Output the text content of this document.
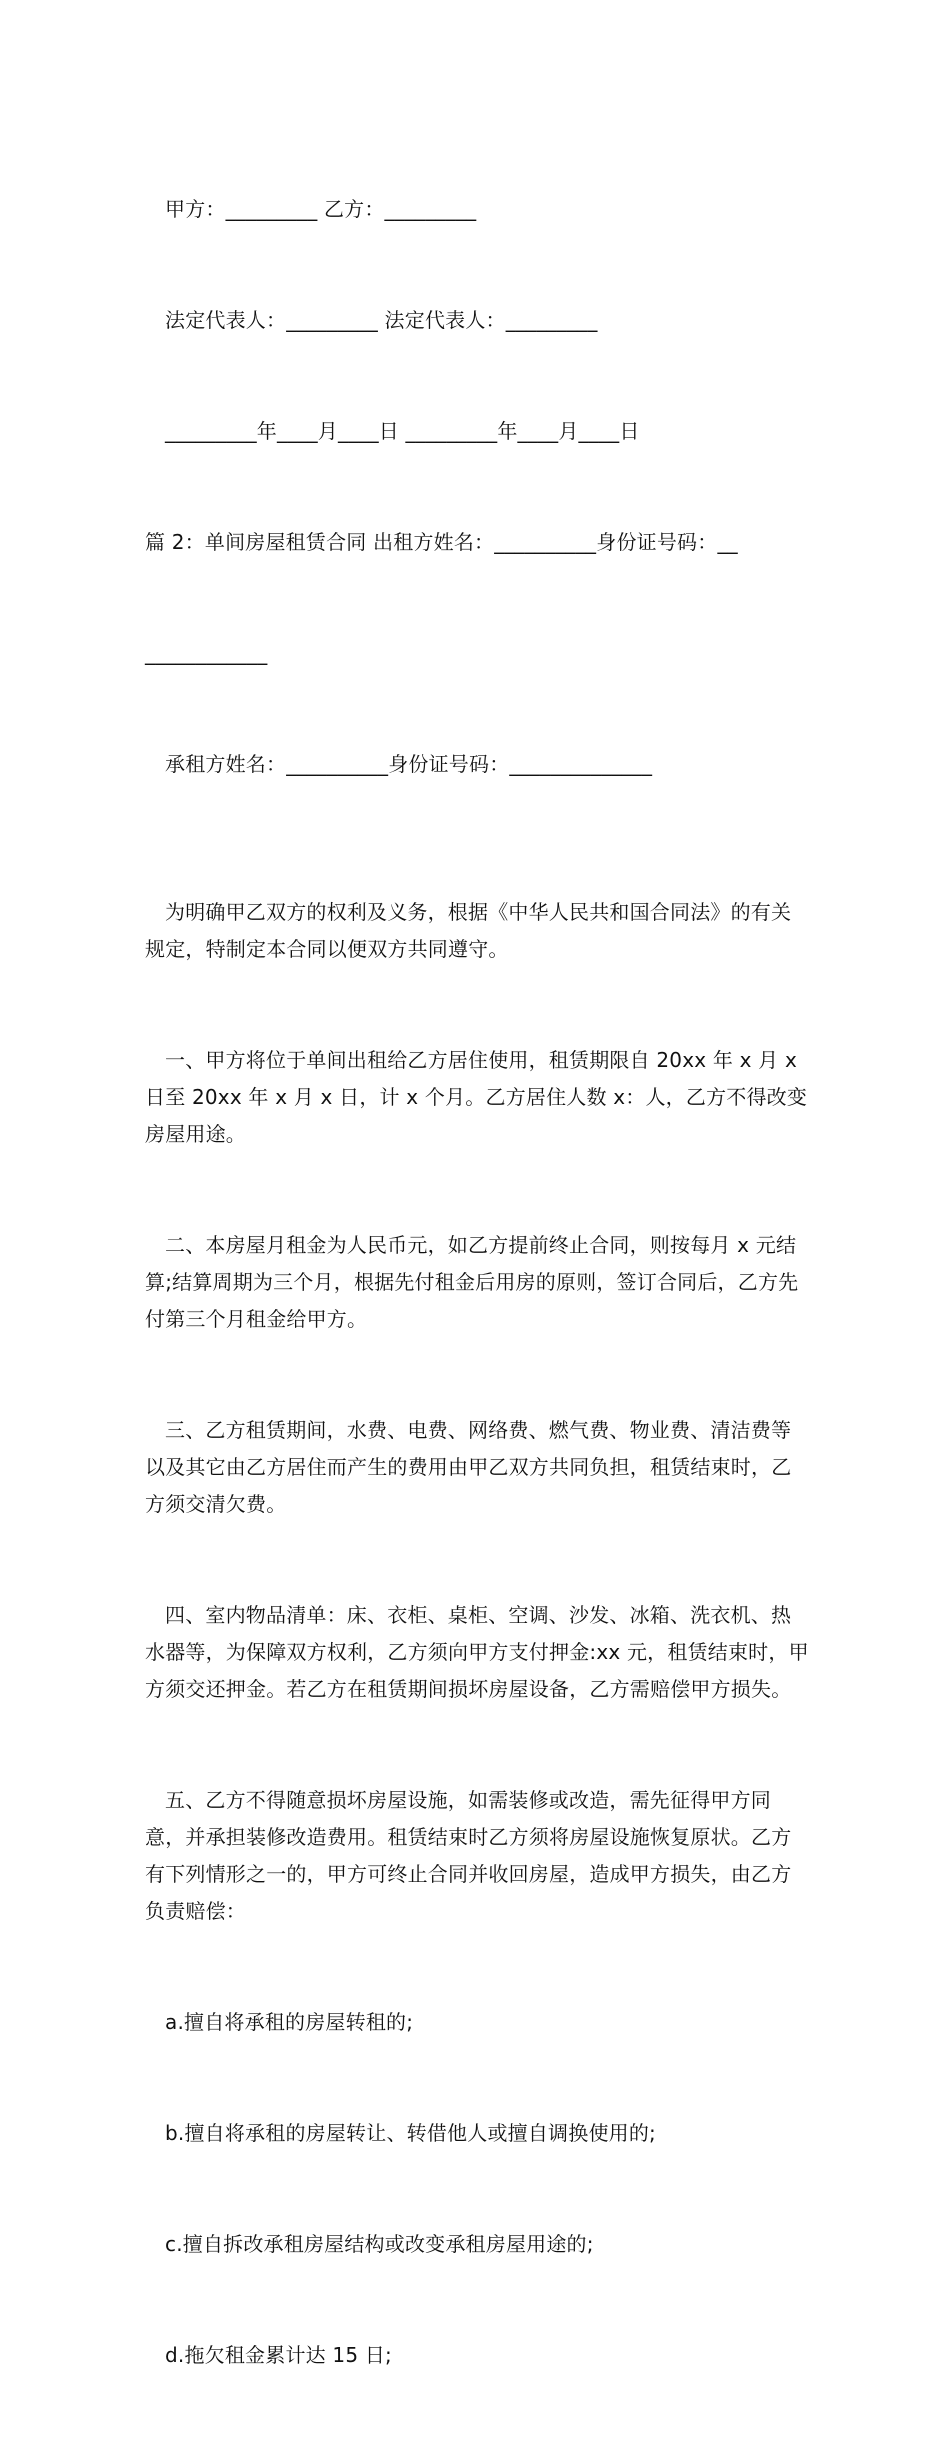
甲方：_________ 乙方：_________

法定代表人：_________ 法定代表人：_________

_________年____月____日 _________年____月____日

篇 2：单间房屋租赁合同 出租方姓名：__________身份证号码：__

____________

承租方姓名：__________身份证号码：______________

为明确甲乙双方的权利及义务，根据《中华人民共和国合同法》的有关规定，特制定本合同以便双方共同遵守。

一、甲方将位于单间出租给乙方居住使用，租赁期限自 20xx 年 x 月 x 日至 20xx 年 x 月 x 日，计 x 个月。乙方居住人数 x：人，乙方不得改变房屋用途。

二、本房屋月租金为人民币元，如乙方提前终止合同，则按每月 x 元结算;结算周期为三个月，根据先付租金后用房的原则，签订合同后，乙方先付第三个月租金给甲方。

三、乙方租赁期间，水费、电费、网络费、燃气费、物业费、清洁费等以及其它由乙方居住而产生的费用由甲乙双方共同负担，租赁结束时，乙方须交清欠费。

四、室内物品清单：床、衣柜、桌柜、空调、沙发、冰箱、洗衣机、热水器等，为保障双方权利，乙方须向甲方支付押金:xx 元，租赁结束时，甲方须交还押金。若乙方在租赁期间损坏房屋设备，乙方需赔偿甲方损失。

五、乙方不得随意损坏房屋设施，如需装修或改造，需先征得甲方同意，并承担装修改造费用。租赁结束时乙方须将房屋设施恢复原状。乙方有下列情形之一的，甲方可终止合同并收回房屋，造成甲方损失，由乙方负责赔偿：

a.擅自将承租的房屋转租的;

b.擅自将承租的房屋转让、转借他人或擅自调换使用的;

c.擅自拆改承租房屋结构或改变承租房屋用途的;

d.拖欠租金累计达 15 日;
